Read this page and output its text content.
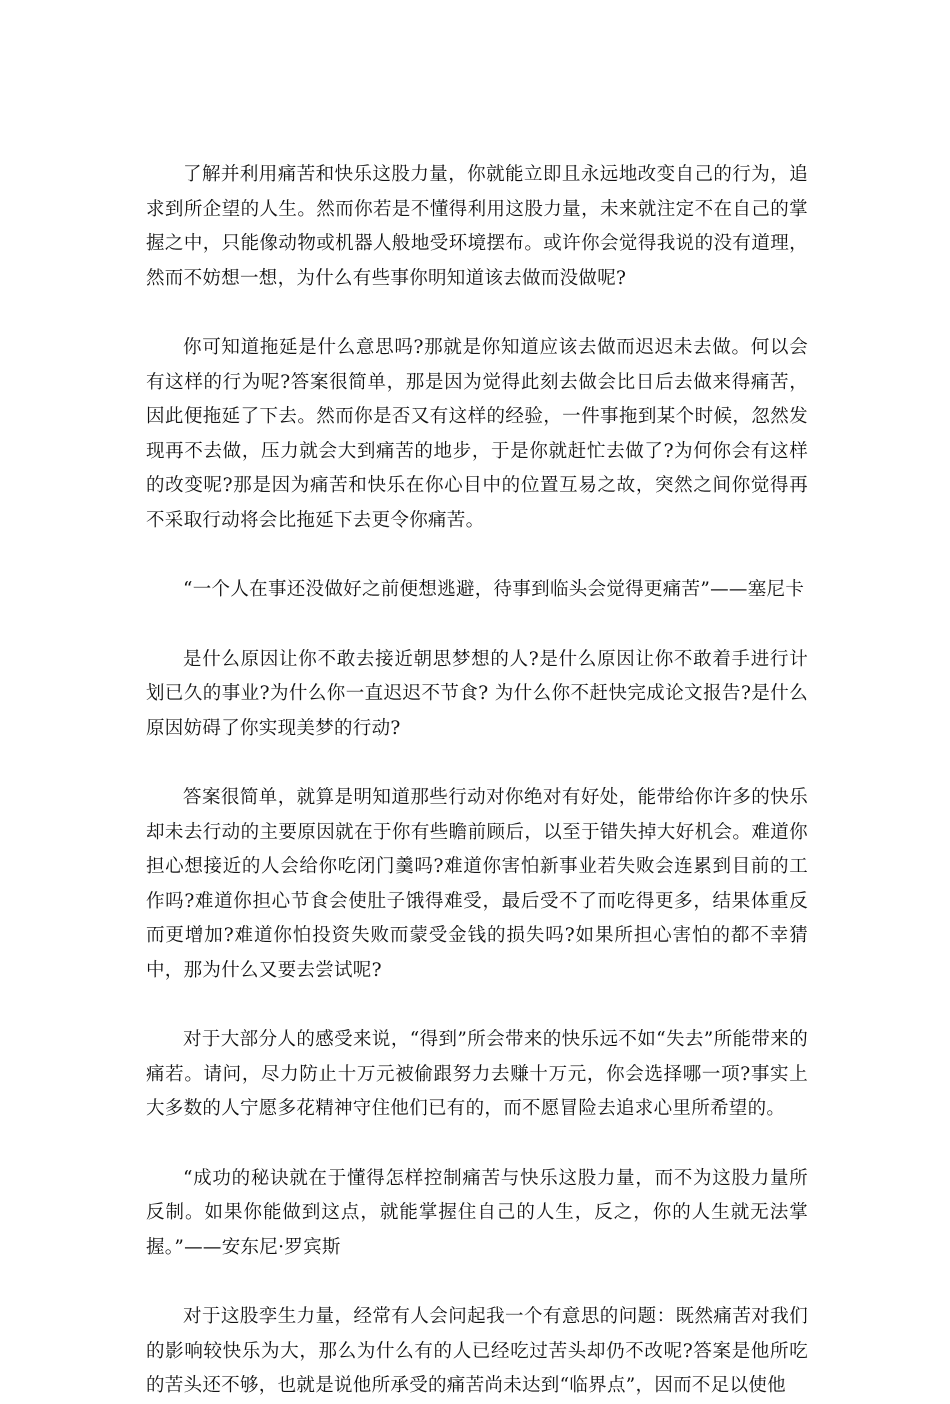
了解并利用痛苦和快乐这股力量，你就能立即且永远地改变自己的行为，追求到所企望的人生。然而你若是不懂得利用这股力量，未来就注定不在自己的掌握之中，只能像动物或机器人般地受环境摆布。或许你会觉得我说的没有道理，然而不妨想一想，为什么有些事你明知道该去做而没做呢?

你可知道拖延是什么意思吗?那就是你知道应该去做而迟迟未去做。何以会有这样的行为呢?答案很简单，那是因为觉得此刻去做会比日后去做来得痛苦，因此便拖延了下去。然而你是否又有这样的经验，一件事拖到某个时候，忽然发现再不去做，压力就会大到痛苦的地步，于是你就赶忙去做了?为何你会有这样的改变呢?那是因为痛苦和快乐在你心目中的位置互易之故，突然之间你觉得再不采取行动将会比拖延下去更令你痛苦。

“一个人在事还没做好之前便想逃避，待事到临头会觉得更痛苦”——塞尼卡

是什么原因让你不敢去接近朝思梦想的人?是什么原因让你不敢着手进行计划已久的事业?为什么你一直迟迟不节食? 为什么你不赶快完成论文报告?是什么原因妨碍了你实现美梦的行动?

答案很简单，就算是明知道那些行动对你绝对有好处，能带给你许多的快乐却未去行动的主要原因就在于你有些瞻前顾后，以至于错失掉大好机会。难道你担心想接近的人会给你吃闭门羹吗?难道你害怕新事业若失败会连累到目前的工作吗?难道你担心节食会使肚子饿得难受，最后受不了而吃得更多，结果体重反而更增加?难道你怕投资失败而蒙受金钱的损失吗?如果所担心害怕的都不幸猜中，那为什么又要去尝试呢?

对于大部分人的感受来说，“得到”所会带来的快乐远不如“失去”所能带来的痛若。请问，尽力防止十万元被偷跟努力去赚十万元，你会选择哪一项?事实上大多数的人宁愿多花精神守住他们已有的，而不愿冒险去追求心里所希望的。

“成功的秘诀就在于懂得怎样控制痛苦与快乐这股力量，而不为这股力量所反制。如果你能做到这点，就能掌握住自己的人生，反之，你的人生就无法掌握。”——安东尼·罗宾斯

对于这股孪生力量，经常有人会问起我一个有意思的问题：既然痛苦对我们的影响较快乐为大，那么为什么有的人已经吃过苦头却仍不改呢?答案是他所吃的苦头还不够，也就是说他所承受的痛苦尚未达到“临界点”，因而不足以使他
